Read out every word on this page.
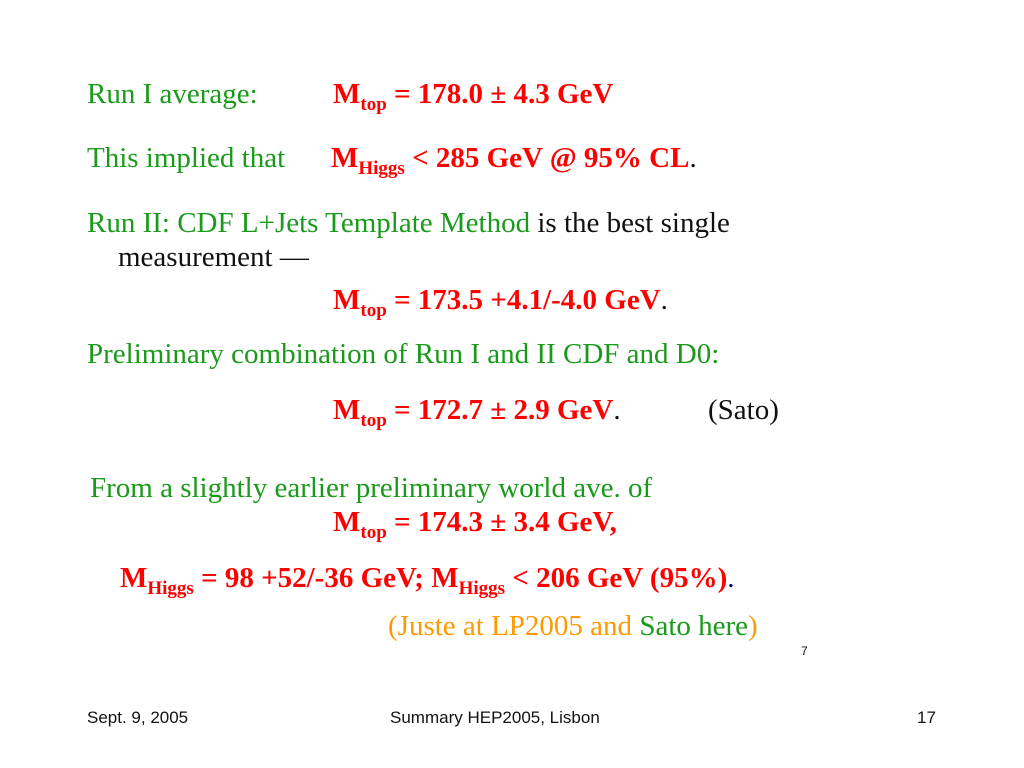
Run I average:	$M_{top} = 178.0 \pm 4.3$ GeV
This implied that $M_{Higgs} < 285$ GeV @ 95% CL.
Run II: CDF L+Jets Template Method is the best single
measurement —
$M_{top} = 173.5 +4.1/-4.0$ GeV.
Preliminary combination of Run I and II CDF and D0:
$M_{top} = 172.7 \pm 2.9$ GeV.	(Sato)
From a slightly earlier preliminary world ave. of
$M_{top} = 174.3 \pm 3.4$ GeV,
$M_{Higgs} = 98 +52/-36$ GeV; $M_{Higgs} < 206$ GeV (95%).
(Juste at LP2005 and Sato here)
7
Sept. 9, 2005	Summary HEP2005, Lisbon	17
